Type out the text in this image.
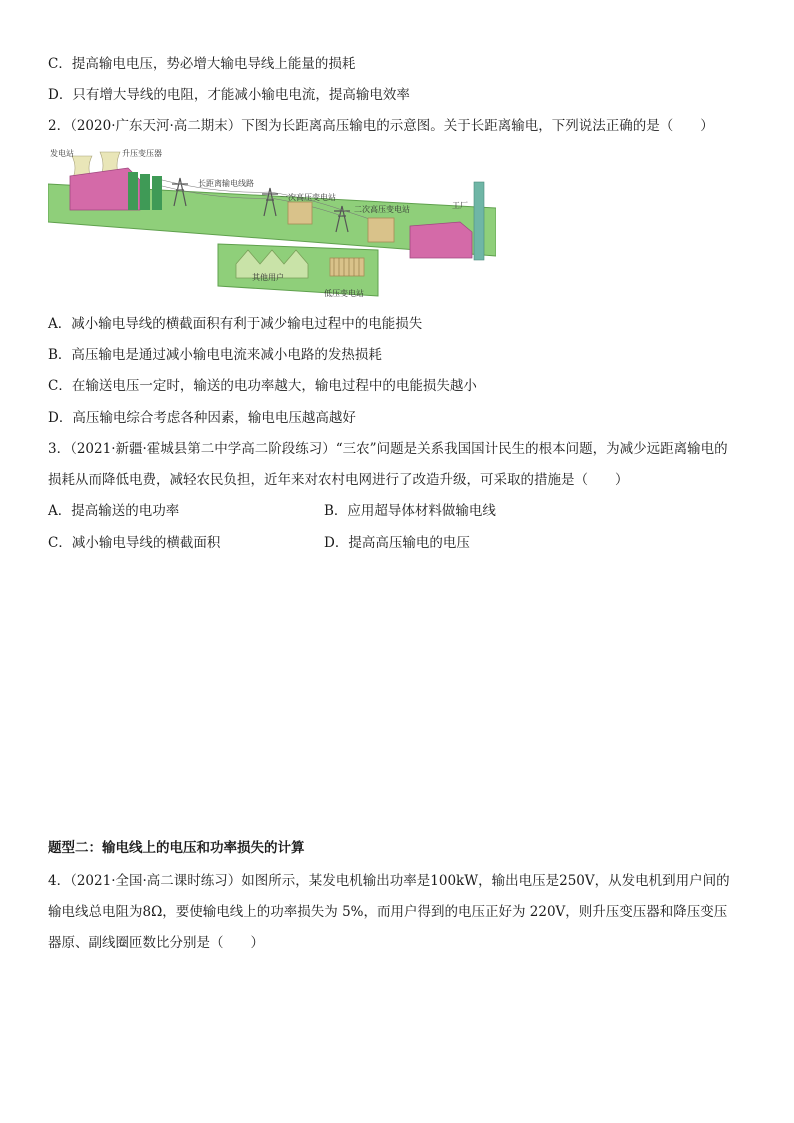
C．提高输电电压，势必增大输电导线上能量的损耗
D．只有增大导线的电阻，才能减小输电电流，提高输电效率
2．（2020·广东天河·高二期末）下图为长距离高压输电的示意图。关于长距离输电，下列说法正确的是（　　）
发电站	升压变压器
长距离输电线路
一次高压变电站
二次高压变电站	工厂
其他用户
低压变电站
A．减小输电导线的横截面积有利于减少输电过程中的电能损失
B．高压输电是通过减小输电电流来减小电路的发热损耗
C．在输送电压一定时，输送的电功率越大，输电过程中的电能损失越小
D．高压输电综合考虑各种因素，输电电压越高越好
3．（2021·新疆·霍城县第二中学高二阶段练习）“三农”问题是关系我国国计民生的根本问题，为减少远距离输电的
损耗从而降低电费，减轻农民负担，近年来对农村电网进行了改造升级，可采取的措施是（　　）
A．提高输送的电功率	B．应用超导体材料做输电线
C．减小输电导线的横截面积	D．提高高压输电的电压
题型二：输电线上的电压和功率损失的计算
4．（2021·全国·高二课时练习）如图所示，某发电机输出功率是100kW，输出电压是250V，从发电机到用户间的
输电线总电阻为8Ω，要使输电线上的功率损失为 5%，而用户得到的电压正好为 220V，则升压变压器和降压变压
器原、副线圈匝数比分别是（　　）
